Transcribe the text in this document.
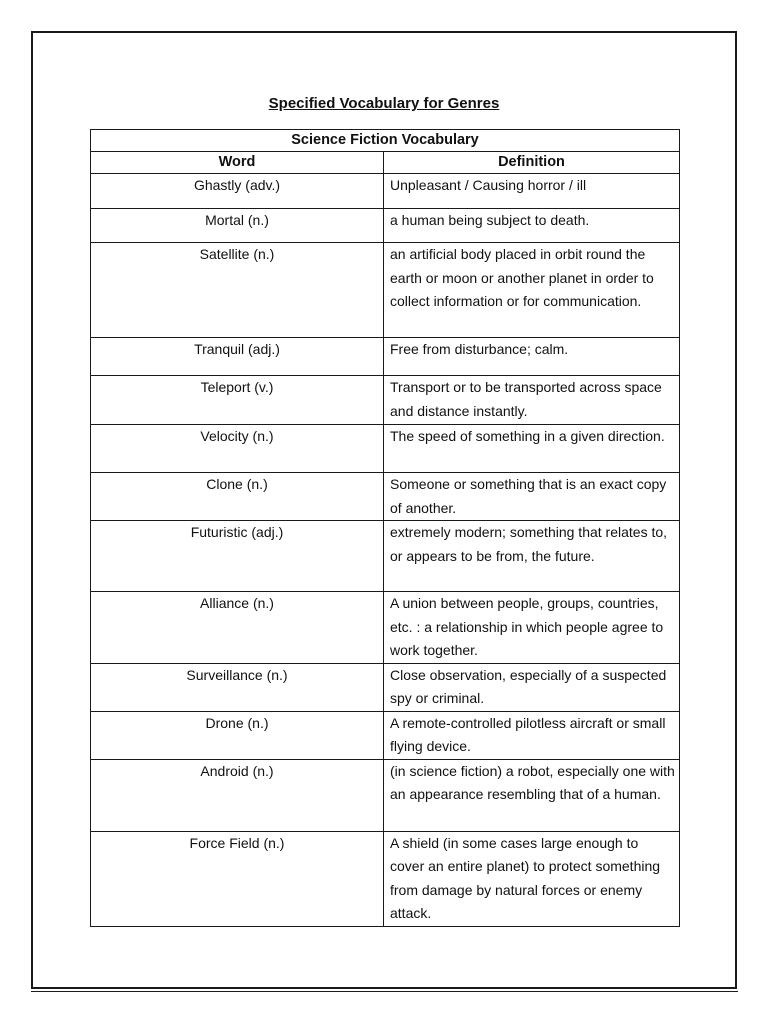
Specified Vocabulary for Genres
Science Fiction Vocabulary	
Word	Definition
Ghastly (adv.)	Unpleasant / Causing horror / ill
Mortal (n.)	a human being subject to death.
Satellite (n.)	an artificial body placed in orbit round the earth or moon or another planet in order to collect information or for communication.
Tranquil (adj.)	Free from disturbance; calm.
Teleport (v.)	Transport or to be transported across space and distance instantly.
Velocity (n.)	The speed of something in a given direction.
Clone (n.)	Someone or something that is an exact copy of another.
Futuristic (adj.)	extremely modern; something that relates to, or appears to be from, the future.
Alliance (n.)	A union between people, groups, countries, etc. : a relationship in which people agree to work together.
Surveillance (n.)	Close observation, especially of a suspected spy or criminal.
Drone (n.)	A remote-controlled pilotless aircraft or small flying device.
Android (n.)	(in science fiction) a robot, especially one with an appearance resembling that of a human.
Force Field (n.)	A shield (in some cases large enough to cover an entire planet) to protect something from damage by natural forces or enemy attack.
